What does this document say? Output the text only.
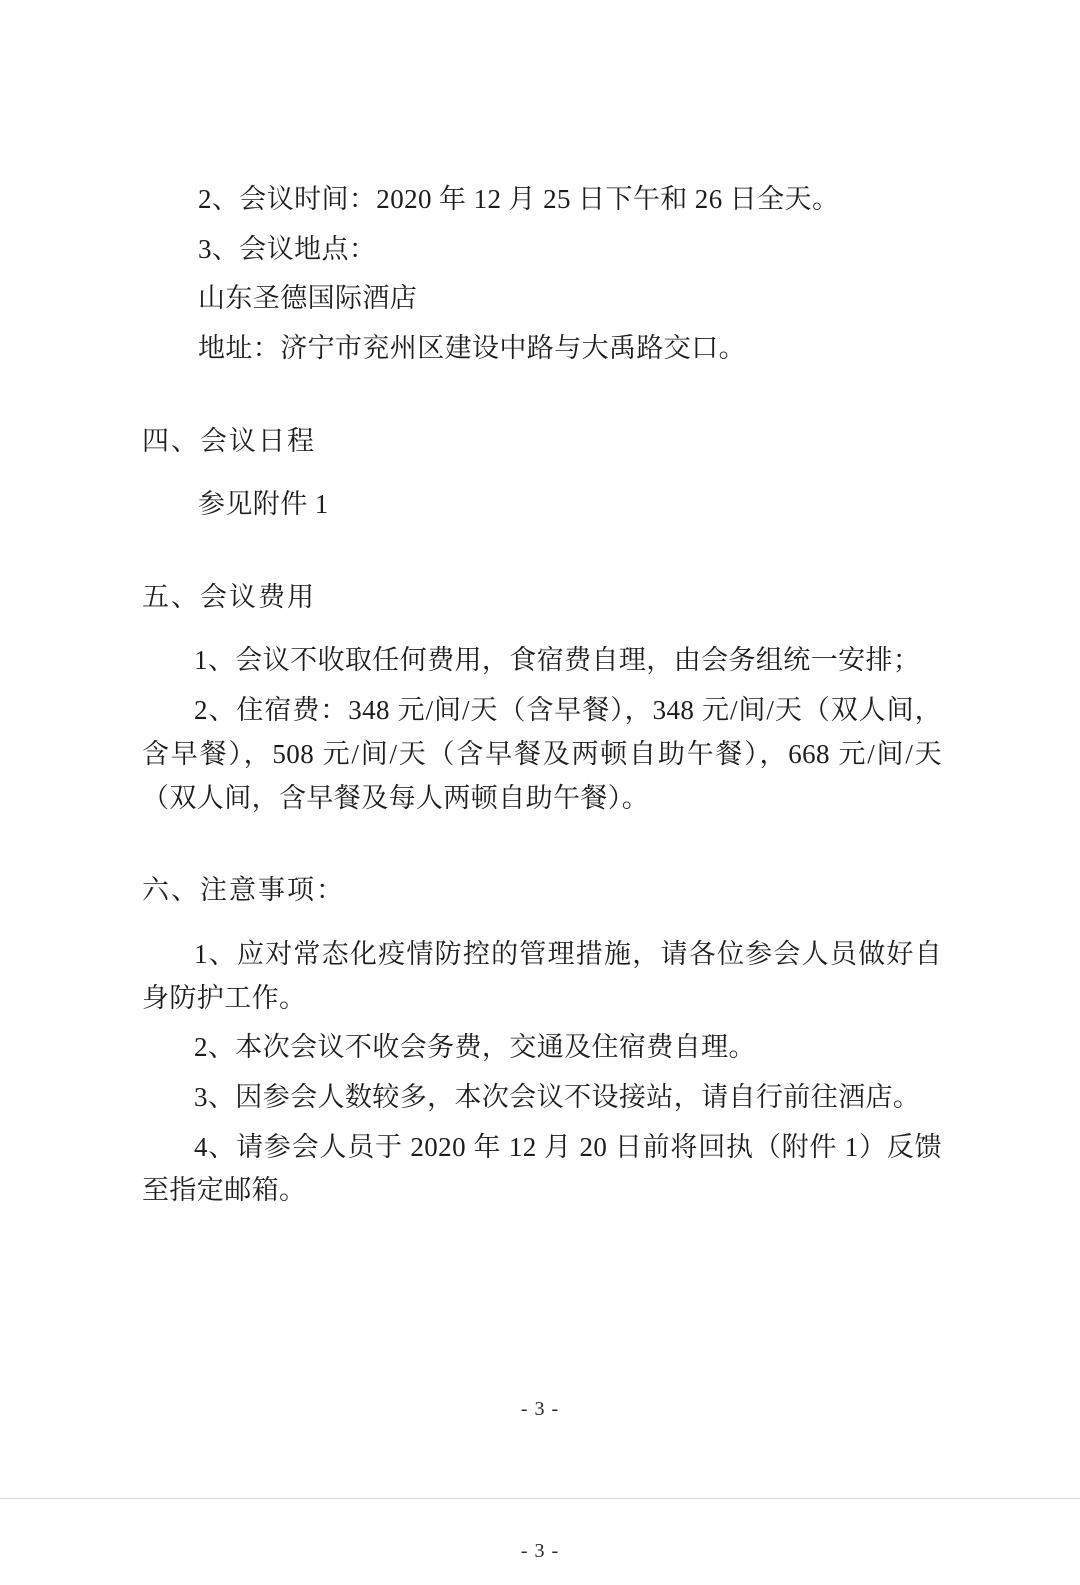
2、会议时间：2020 年 12 月 25 日下午和 26 日全天。
3、会议地点：
山东圣德国际酒店
地址：济宁市兖州区建设中路与大禹路交口。
四、会议日程
参见附件 1
五、会议费用
1、会议不收取任何费用，食宿费自理，由会务组统一安排；
2、住宿费：348 元/间/天（含早餐），348 元/间/天（双人间，含早餐），508 元/间/天（含早餐及两顿自助午餐），668 元/间/天（双人间，含早餐及每人两顿自助午餐）。
六、注意事项：
1、应对常态化疫情防控的管理措施，请各位参会人员做好自身防护工作。
2、本次会议不收会务费，交通及住宿费自理。
3、因参会人数较多，本次会议不设接站，请自行前往酒店。
4、请参会人员于 2020 年 12 月 20 日前将回执（附件 1）反馈至指定邮箱。
- 3 -
- 3 -
